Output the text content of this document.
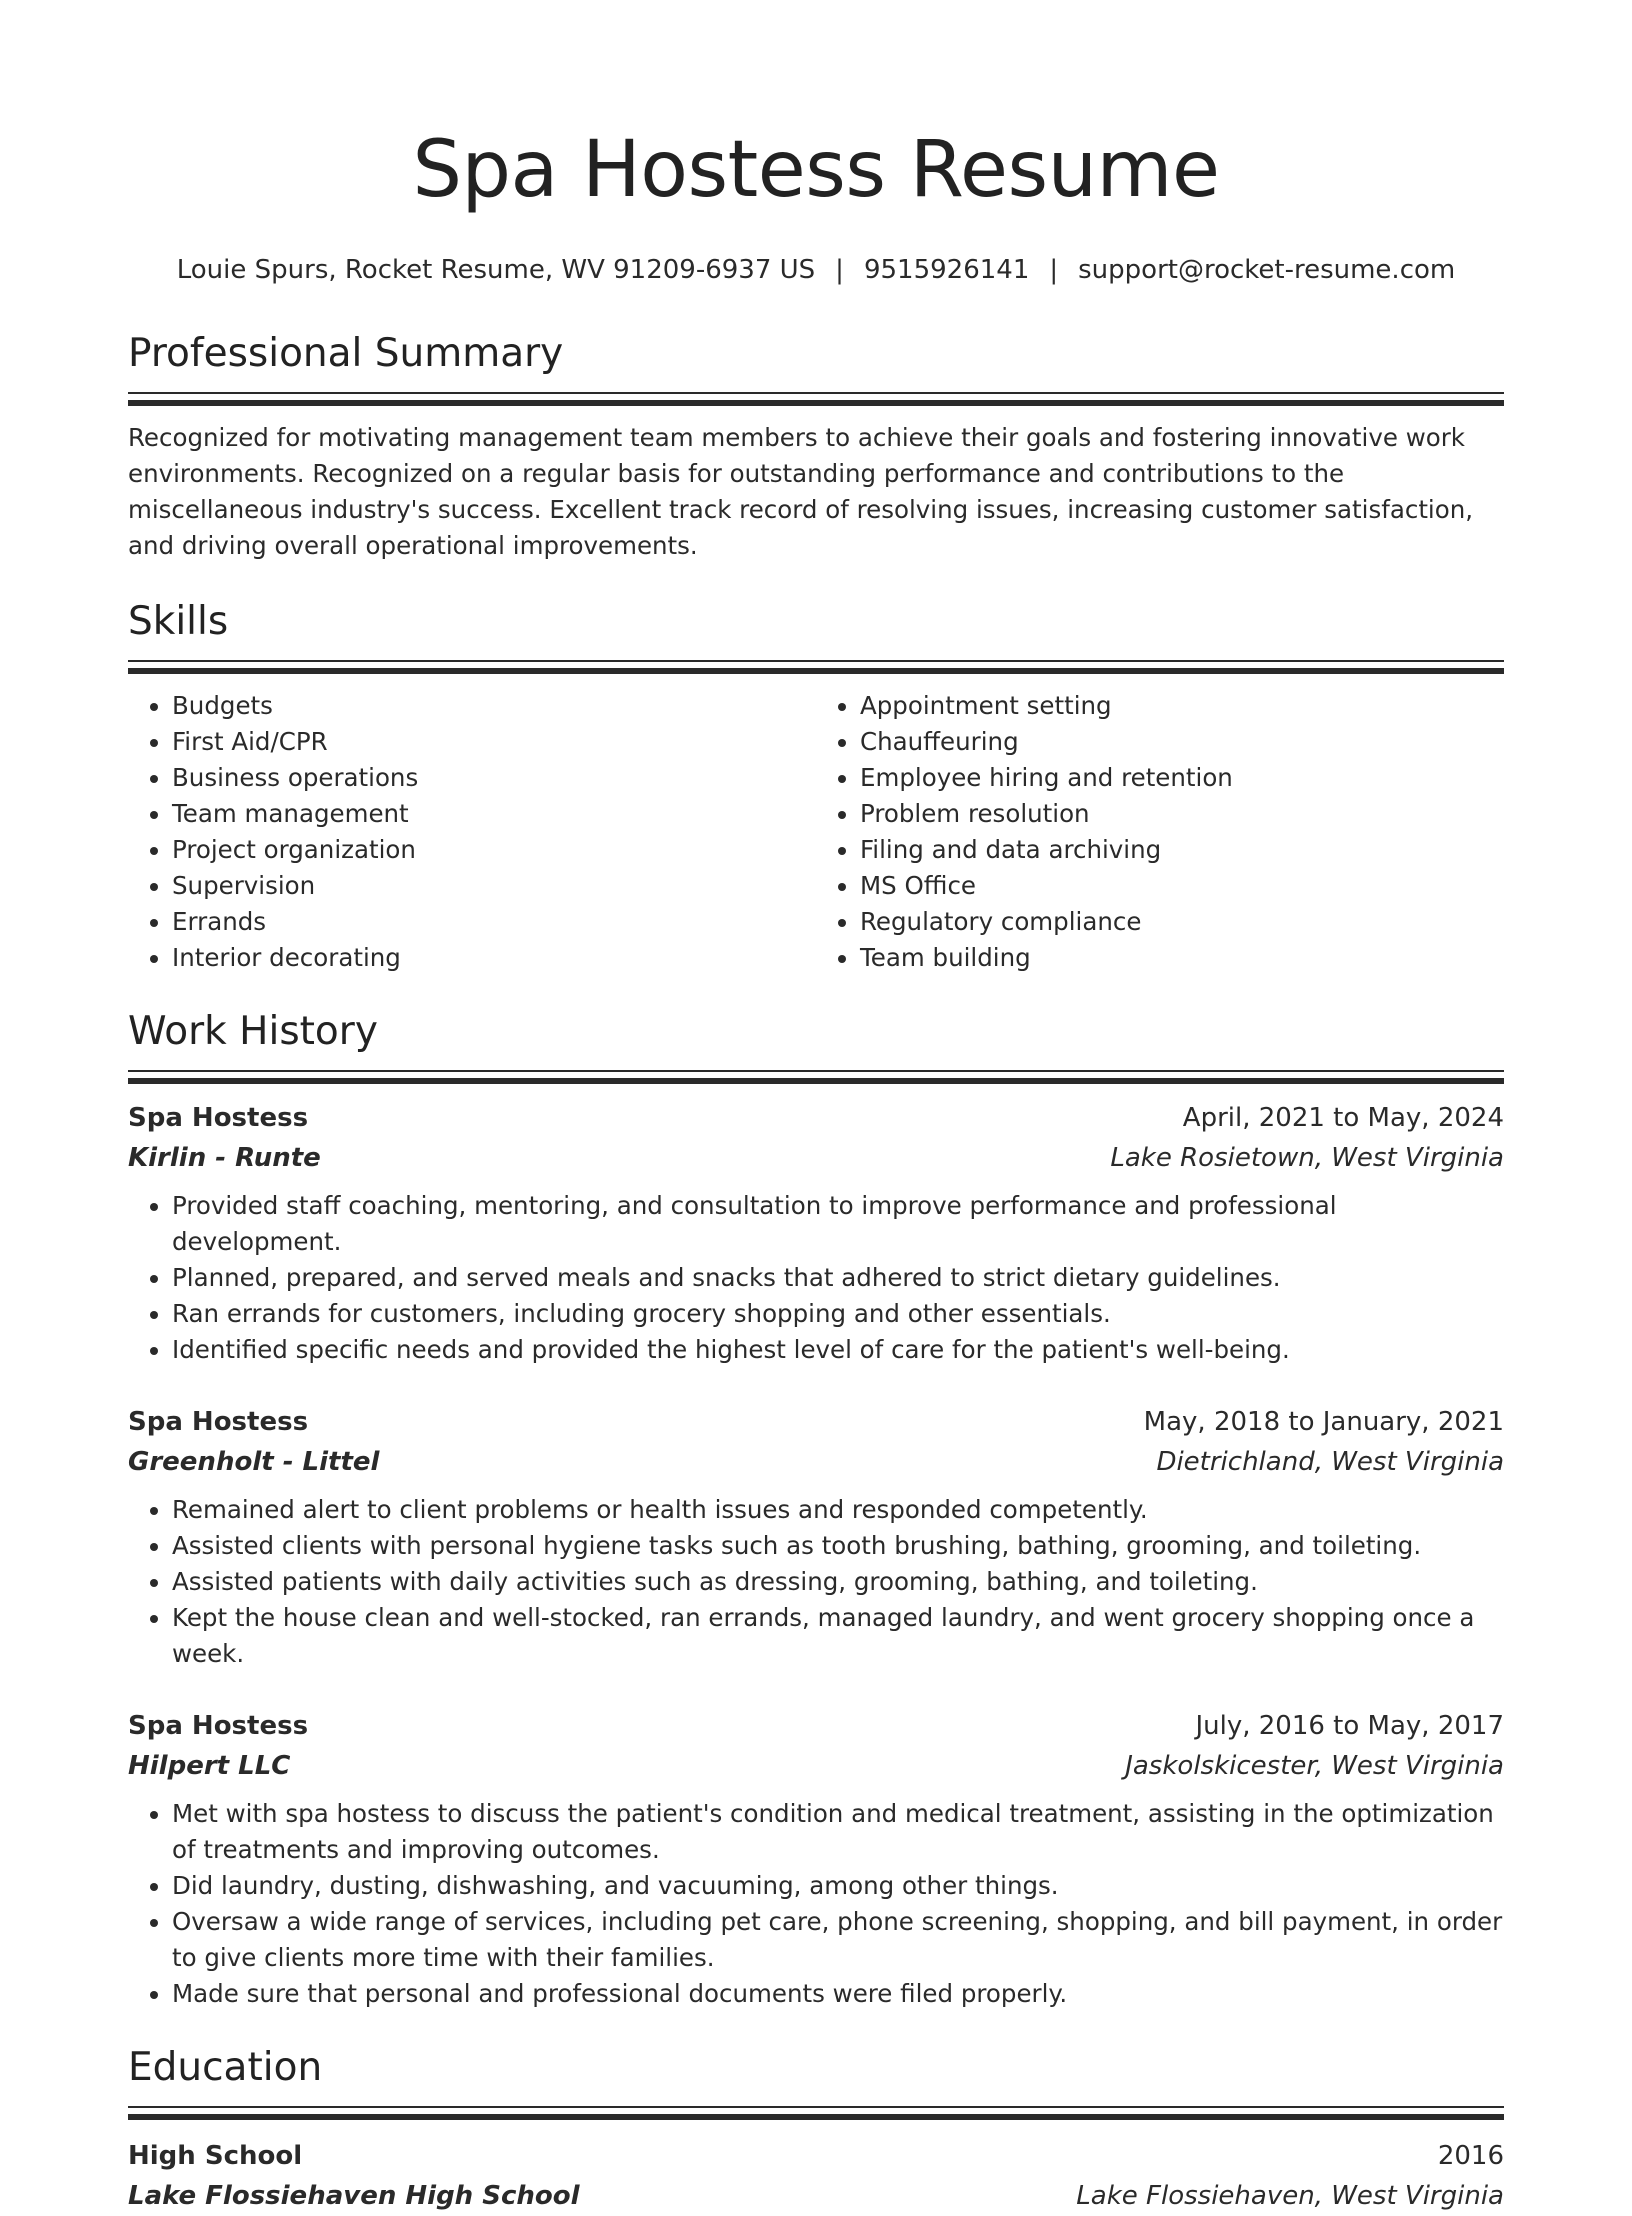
Spa Hostess Resume
Louie Spurs, Rocket Resume, WV 91209-6937 US | 9515926141 | support@rocket-resume.com
Professional Summary

Recognized for motivating management team members to achieve their goals and fostering innovative work environments. Recognized on a regular basis for outstanding performance and contributions to the miscellaneous industry's success. Excellent track record of resolving issues, increasing customer satisfaction, and driving overall operational improvements.

Skills
• Budgets
• First Aid/CPR
• Business operations
• Team management
• Project organization
• Supervision
• Errands
• Interior decorating
• Appointment setting
• Chauffeuring
• Employee hiring and retention
• Problem resolution
• Filing and data archiving
• MS Office
• Regulatory compliance
• Team building
Work History
Spa Hostess	April, 2021 to May, 2024
Kirlin - Runte	Lake Rosietown, West Virginia
• Provided staff coaching, mentoring, and consultation to improve performance and professional development.
• Planned, prepared, and served meals and snacks that adhered to strict dietary guidelines.
• Ran errands for customers, including grocery shopping and other essentials.
• Identified specific needs and provided the highest level of care for the patient's well-being.
Spa Hostess	May, 2018 to January, 2021
Greenholt - Littel	Dietrichland, West Virginia
• Remained alert to client problems or health issues and responded competently.
• Assisted clients with personal hygiene tasks such as tooth brushing, bathing, grooming, and toileting.
• Assisted patients with daily activities such as dressing, grooming, bathing, and toileting.
• Kept the house clean and well-stocked, ran errands, managed laundry, and went grocery shopping once a week.
Spa Hostess	July, 2016 to May, 2017
Hilpert LLC	Jaskolskicester, West Virginia
• Met with spa hostess to discuss the patient's condition and medical treatment, assisting in the optimization of treatments and improving outcomes.
• Did laundry, dusting, dishwashing, and vacuuming, among other things.
• Oversaw a wide range of services, including pet care, phone screening, shopping, and bill payment, in order to give clients more time with their families.
• Made sure that personal and professional documents were filed properly.
Education
High School	2016
Lake Flossiehaven High School	Lake Flossiehaven, West Virginia
